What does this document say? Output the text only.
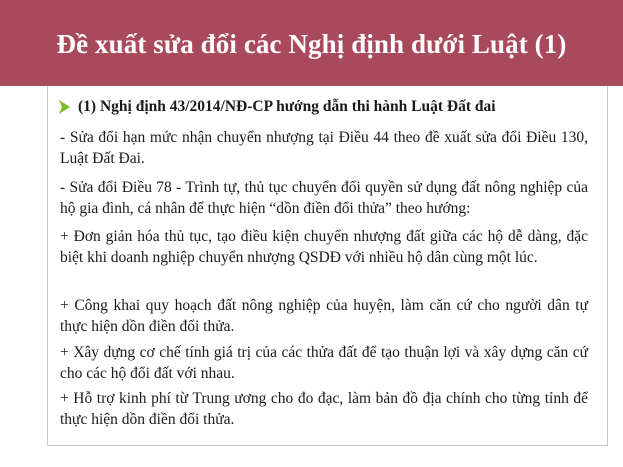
Đề xuất sửa đổi các Nghị định dưới Luật (1)
(1) Nghị định 43/2014/NĐ-CP hướng dẫn thi hành Luật Đất đai

- Sửa đổi hạn mức nhận chuyển nhượng tại Điều 44 theo đề xuất sửa đổi Điều 130, Luật Đất Đai.

- Sửa đổi Điều 78 - Trình tự, thủ tục chuyển đổi quyền sử dụng đất nông nghiệp của hộ gia đình, cá nhân để thực hiện “dồn điền đổi thửa” theo hướng:

+ Đơn giản hóa thủ tục, tạo điều kiện chuyển nhượng đất giữa các hộ dễ dàng, đặc biệt khi doanh nghiệp chuyển nhượng QSDĐ với nhiều hộ dân cùng một lúc.

+ Công khai quy hoạch đất nông nghiệp của huyện, làm căn cứ cho người dân tự thực hiện dồn điền đổi thửa.

+ Xây dựng cơ chế tính giá trị của các thửa đất để tạo thuận lợi và xây dựng căn cứ cho các hộ đổi đất với nhau.

+ Hỗ trợ kinh phí từ Trung ương cho đo đạc, làm bản đồ địa chính cho từng tỉnh để thực hiện dồn điền đổi thửa.
